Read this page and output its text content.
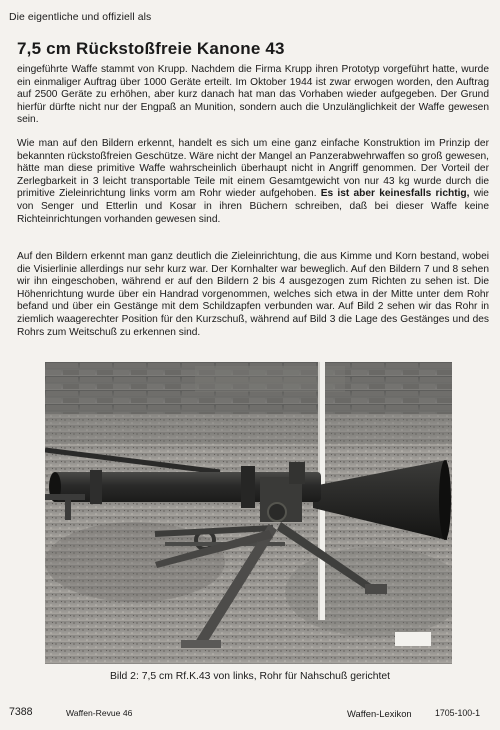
Die eigentliche und offiziell als
7,5 cm Rückstoßfreie Kanone 43

eingeführte Waffe stammt von Krupp. Nachdem die Firma Krupp ihren Prototyp vorgeführt hatte, wurde ein einmaliger Auftrag über 1000 Geräte erteilt. Im Oktober 1944 ist zwar erwogen worden, den Auftrag auf 2500 Geräte zu erhöhen, aber kurz danach hat man das Vorhaben wieder aufgegeben. Der Grund hierfür dürfte nicht nur der Engpaß an Munition, sondern auch die Unzulänglichkeit der Waffe gewesen sein.

Wie man auf den Bildern erkennt, handelt es sich um eine ganz einfache Konstruktion im Prinzip der bekannten rückstoßfreien Geschütze. Wäre nicht der Mangel an Panzerabwehrwaffen so groß gewesen, hätte man diese primitive Waffe wahrscheinlich überhaupt nicht in Angriff genommen. Der Vorteil der Zerlegbarkeit in 3 leicht transportable Teile mit einem Gesamtgewicht von nur 43 kg wurde durch die primitive Zieleinrichtung links vorm am Rohr wieder aufgehoben. Es ist aber keinesfalls richtig, wie von Senger und Etterlin und Kosar in ihren Büchern schreiben, daß bei dieser Waffe keine Richteinrichtungen vorhanden gewesen sind.

Auf den Bildern erkennt man ganz deutlich die Zieleinrichtung, die aus Kimme und Korn bestand, wobei die Visierlinie allerdings nur sehr kurz war. Der Kornhalter war beweglich. Auf den Bildern 7 und 8 sehen wir ihn eingeschoben, während er auf den Bildern 2 bis 4 ausgezogen zum Richten zu sehen ist. Die Höhenrichtung wurde über ein Handrad vorgenommen, welches sich etwa in der Mitte unter dem Rohr befand und über ein Gestänge mit dem Schildzapfen verbunden war. Auf Bild 2 sehen wir das Rohr in ziemlich waagerechter Position für den Kurzschuß, während auf Bild 3 die Lage des Gestänges und des Rohrs zum Weitschuß zu erkennen sind.

Bild 2: 7,5 cm Rf.K.43 von links, Rohr für Nahschuß gerichtet
7388	Waffen-Revue 46	Waffen-Lexikon	1705-100-1
